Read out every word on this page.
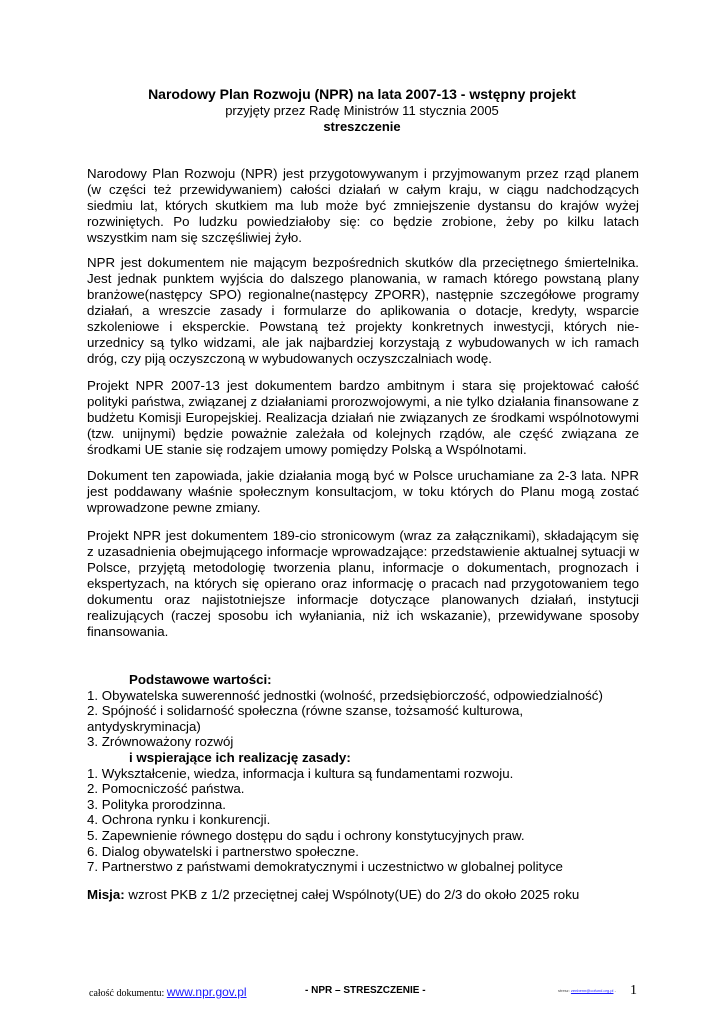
Narodowy Plan Rozwoju (NPR) na lata 2007-13 - wstępny projekt
przyjęty przez Radę Ministrów 11 stycznia 2005
streszczenie

Narodowy Plan Rozwoju (NPR) jest przygotowywanym i przyjmowanym przez rząd planem (w części też przewidywaniem) całości działań w całym kraju, w ciągu nadchodzących siedmiu lat, których skutkiem ma lub może być zmniejszenie dystansu do krajów wyżej rozwiniętych. Po ludzku powiedziałoby się: co będzie zrobione, żeby po kilku latach wszystkim nam się szczęśliwiej żyło.

NPR jest dokumentem nie mającym bezpośrednich skutków dla przeciętnego śmiertelnika. Jest jednak punktem wyjścia do dalszego planowania, w ramach którego powstaną plany branżowe(następcy SPO) regionalne(następcy ZPORR), następnie szczegółowe programy działań, a wreszcie zasady i formularze do aplikowania o dotacje, kredyty, wsparcie szkoleniowe i eksperckie. Powstaną też projekty konkretnych inwestycji, których nie-urzednicy są tylko widzami, ale jak najbardziej korzystają z wybudowanych w ich ramach dróg, czy piją oczyszczoną w wybudowanych oczyszczalniach wodę.

Projekt NPR 2007-13 jest dokumentem bardzo ambitnym i stara się projektować całość polityki państwa, związanej z działaniami prorozwojowymi, a nie tylko działania finansowane z budżetu Komisji Europejskiej. Realizacja działań nie związanych ze środkami wspólnotowymi (tzw. unijnymi) będzie poważnie zależała od kolejnych rządów, ale część związana ze środkami UE stanie się rodzajem umowy pomiędzy Polską a Wspólnotami.

Dokument ten zapowiada, jakie działania mogą być w Polsce uruchamiane za 2-3 lata. NPR jest poddawany właśnie społecznym konsultacjom, w toku których do Planu mogą zostać wprowadzone pewne zmiany.

Projekt NPR jest dokumentem 189-cio stronicowym (wraz za załącznikami), składającym się z uzasadnienia obejmującego informacje wprowadzające: przedstawienie aktualnej sytuacji w Polsce, przyjętą metodologię tworzenia planu, informacje o dokumentach, prognozach i ekspertyzach, na których się opierano oraz informację o pracach nad przygotowaniem tego dokumentu oraz najistotniejsze informacje dotyczące planowanych działań, instytucji realizujących (raczej sposobu ich wyłaniania, niż ich wskazanie), przewidywane sposoby finansowania.

Podstawowe wartości:
1. Obywatelska suwerenność jednostki (wolność, przedsiębiorczość, odpowiedzialność)
2. Spójność i solidarność społeczna (równe szanse, tożsamość kulturowa,
antydyskryminacja)
3. Zrównoważony rozwój
i wspierające ich realizację zasady:
1. Wykształcenie, wiedza, informacja i kultura są fundamentami rozwoju.
2. Pomocniczość państwa.
3. Polityka prorodzinna.
4. Ochrona rynku i konkurencji.
5. Zapewnienie równego dostępu do sądu i ochrony konstytucyjnych praw.
6. Dialog obywatelski i partnerstwo społeczne.
7. Partnerstwo z państwami demokratycznymi i uczestnictwo w globalnej polityce
Misja: wzrost PKB z 1/2 przeciętnej całej Wspólnoty(UE) do 2/3 do około 2025 roku
całość dokumentu: www.npr.gov.pl	- NPR – STRESZCZENIE -	stresz: zenbenn@cofund.org.pl - 1
